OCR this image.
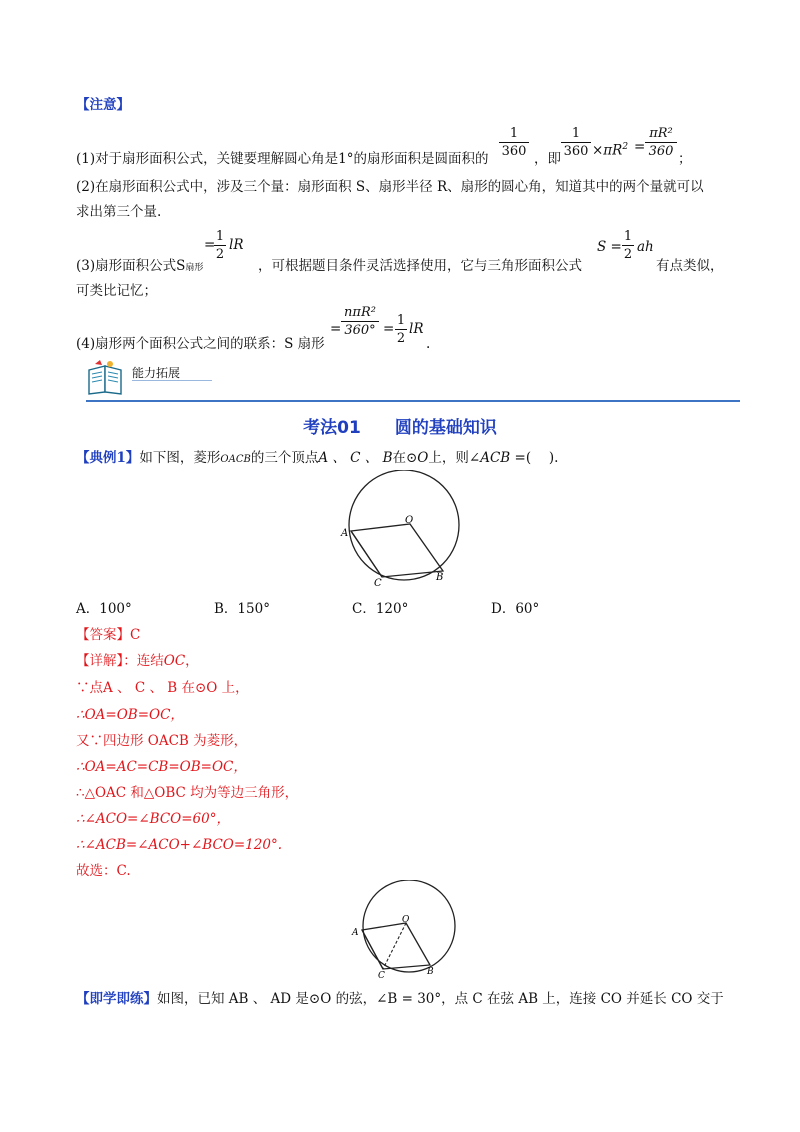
【注意】
(1)对于扇形面积公式，关键要理解圆心角是1°的扇形面积是圆面积的
1
360 ，即
1
$360 \times\pi R^2$ =
πR²
360 ；
(2)在扇形面积公式中，涉及三个量：扇形面积 S、扇形半径 R、扇形的圆心角，知道其中的两个量就可以
求出第三个量.
(3)扇形面积公式S扇形
=
1
2
lR
，可根据题目条件灵活选择使用，它与三角形面积公式
S =
1
2 ah
有点类似，
可类比记忆；
(4)扇形两个面积公式之间的联系：S 扇形
=
nπR²
360° =
1
2
lR
.
能力拓展
考法01　　圆的基础知识
【典例1】如下图，菱形OACB的三个顶点A 、 C 、 B在⊙O上，则∠ACB =(　 ).
O
A
B
C
A．100°	B．150°	C．120°	D．60°
【答案】C
【详解】：连结OC，
∵点A 、 C 、 B 在⊙O 上，
∴OA=OB=OC，
又∵四边形 OACB 为菱形，
∴OA=AC=CB=OB=OC，
∴△OAC 和△OBC 均为等边三角形，
∴∠ACO=∠BCO=60°，
∴∠ACB=∠ACO+∠BCO=120°.
故选：C.
O
A
B
C
【即学即练】如图，已知 AB 、 AD 是⊙O 的弦，∠B = 30°，点 C 在弦 AB 上，连接 CO 并延长 CO 交于
